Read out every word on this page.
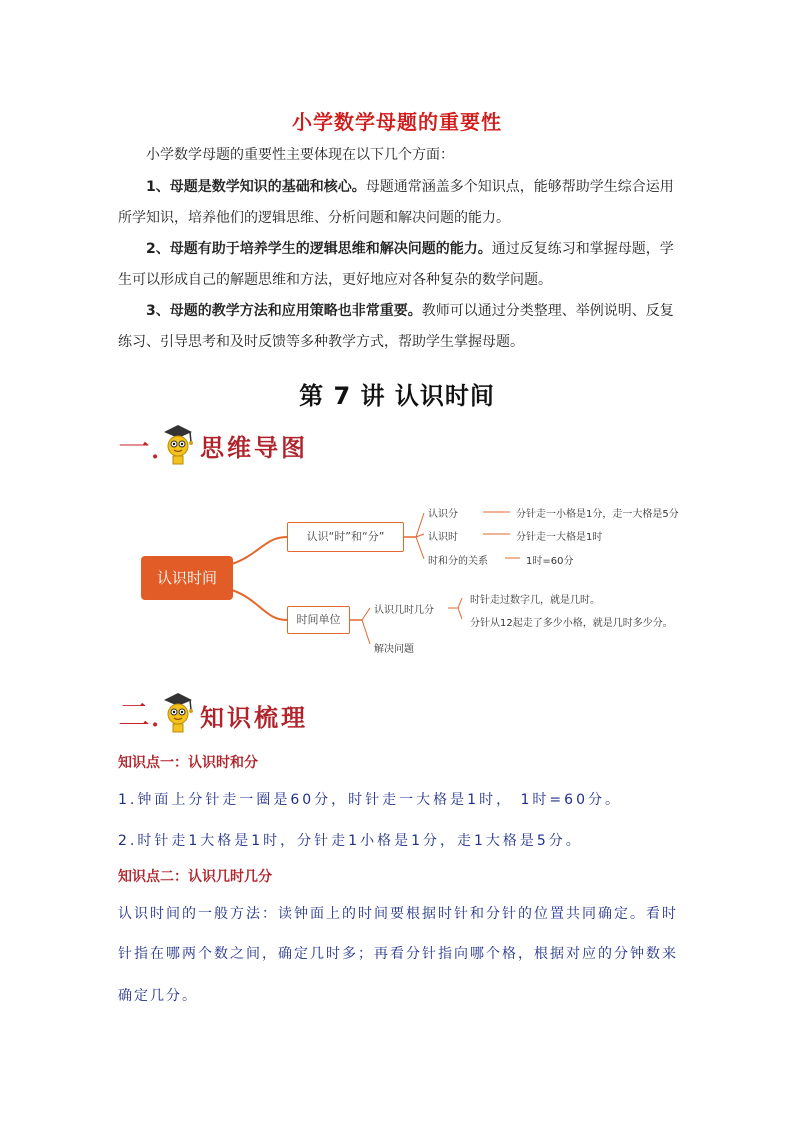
小学数学母题的重要性
小学数学母题的重要性主要体现在以下几个方面：
1、母题是数学知识的基础和核心。母题通常涵盖多个知识点，能够帮助学生综合运用
所学知识，培养他们的逻辑思维、分析问题和解决问题的能力。
2、母题有助于培养学生的逻辑思维和解决问题的能力。通过反复练习和掌握母题，学
生可以形成自己的解题思维和方法，更好地应对各种复杂的数学问题。
3、母题的教学方法和应用策略也非常重要。教师可以通过分类整理、举例说明、反复
练习、引导思考和及时反馈等多种教学方式，帮助学生掌握母题。
第 7 讲 认识时间
一. 思维导图
认识时间
认识“时”和“分”
认识分	分针走一小格是1分，走一大格是5分
认识时	分针走一大格是1时
时和分的关系	1时=60分
时间单位
认识几时几分
时针走过数字几，就是几时。
分针从12起走了多少小格，就是几时多少分。
解决问题
二. 知识梳理
知识点一：认识时和分
1.钟面上分针走一圈是60分，时针走一大格是1时， 1时=60分。
2.时针走1大格是1时，分针走1小格是1分，走1大格是5分。
知识点二：认识几时几分
认识时间的一般方法：读钟面上的时间要根据时针和分针的位置共同确定。看时
针指在哪两个数之间，确定几时多；再看分针指向哪个格，根据对应的分钟数来
确定几分。
